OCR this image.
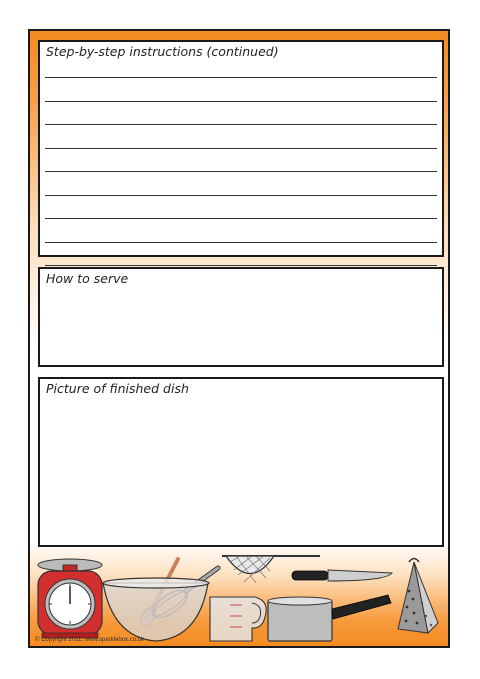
Step-by-step instructions (continued)
How to serve
Picture of finished dish
© Copyright 2011, www.sparklebox.co.uk
